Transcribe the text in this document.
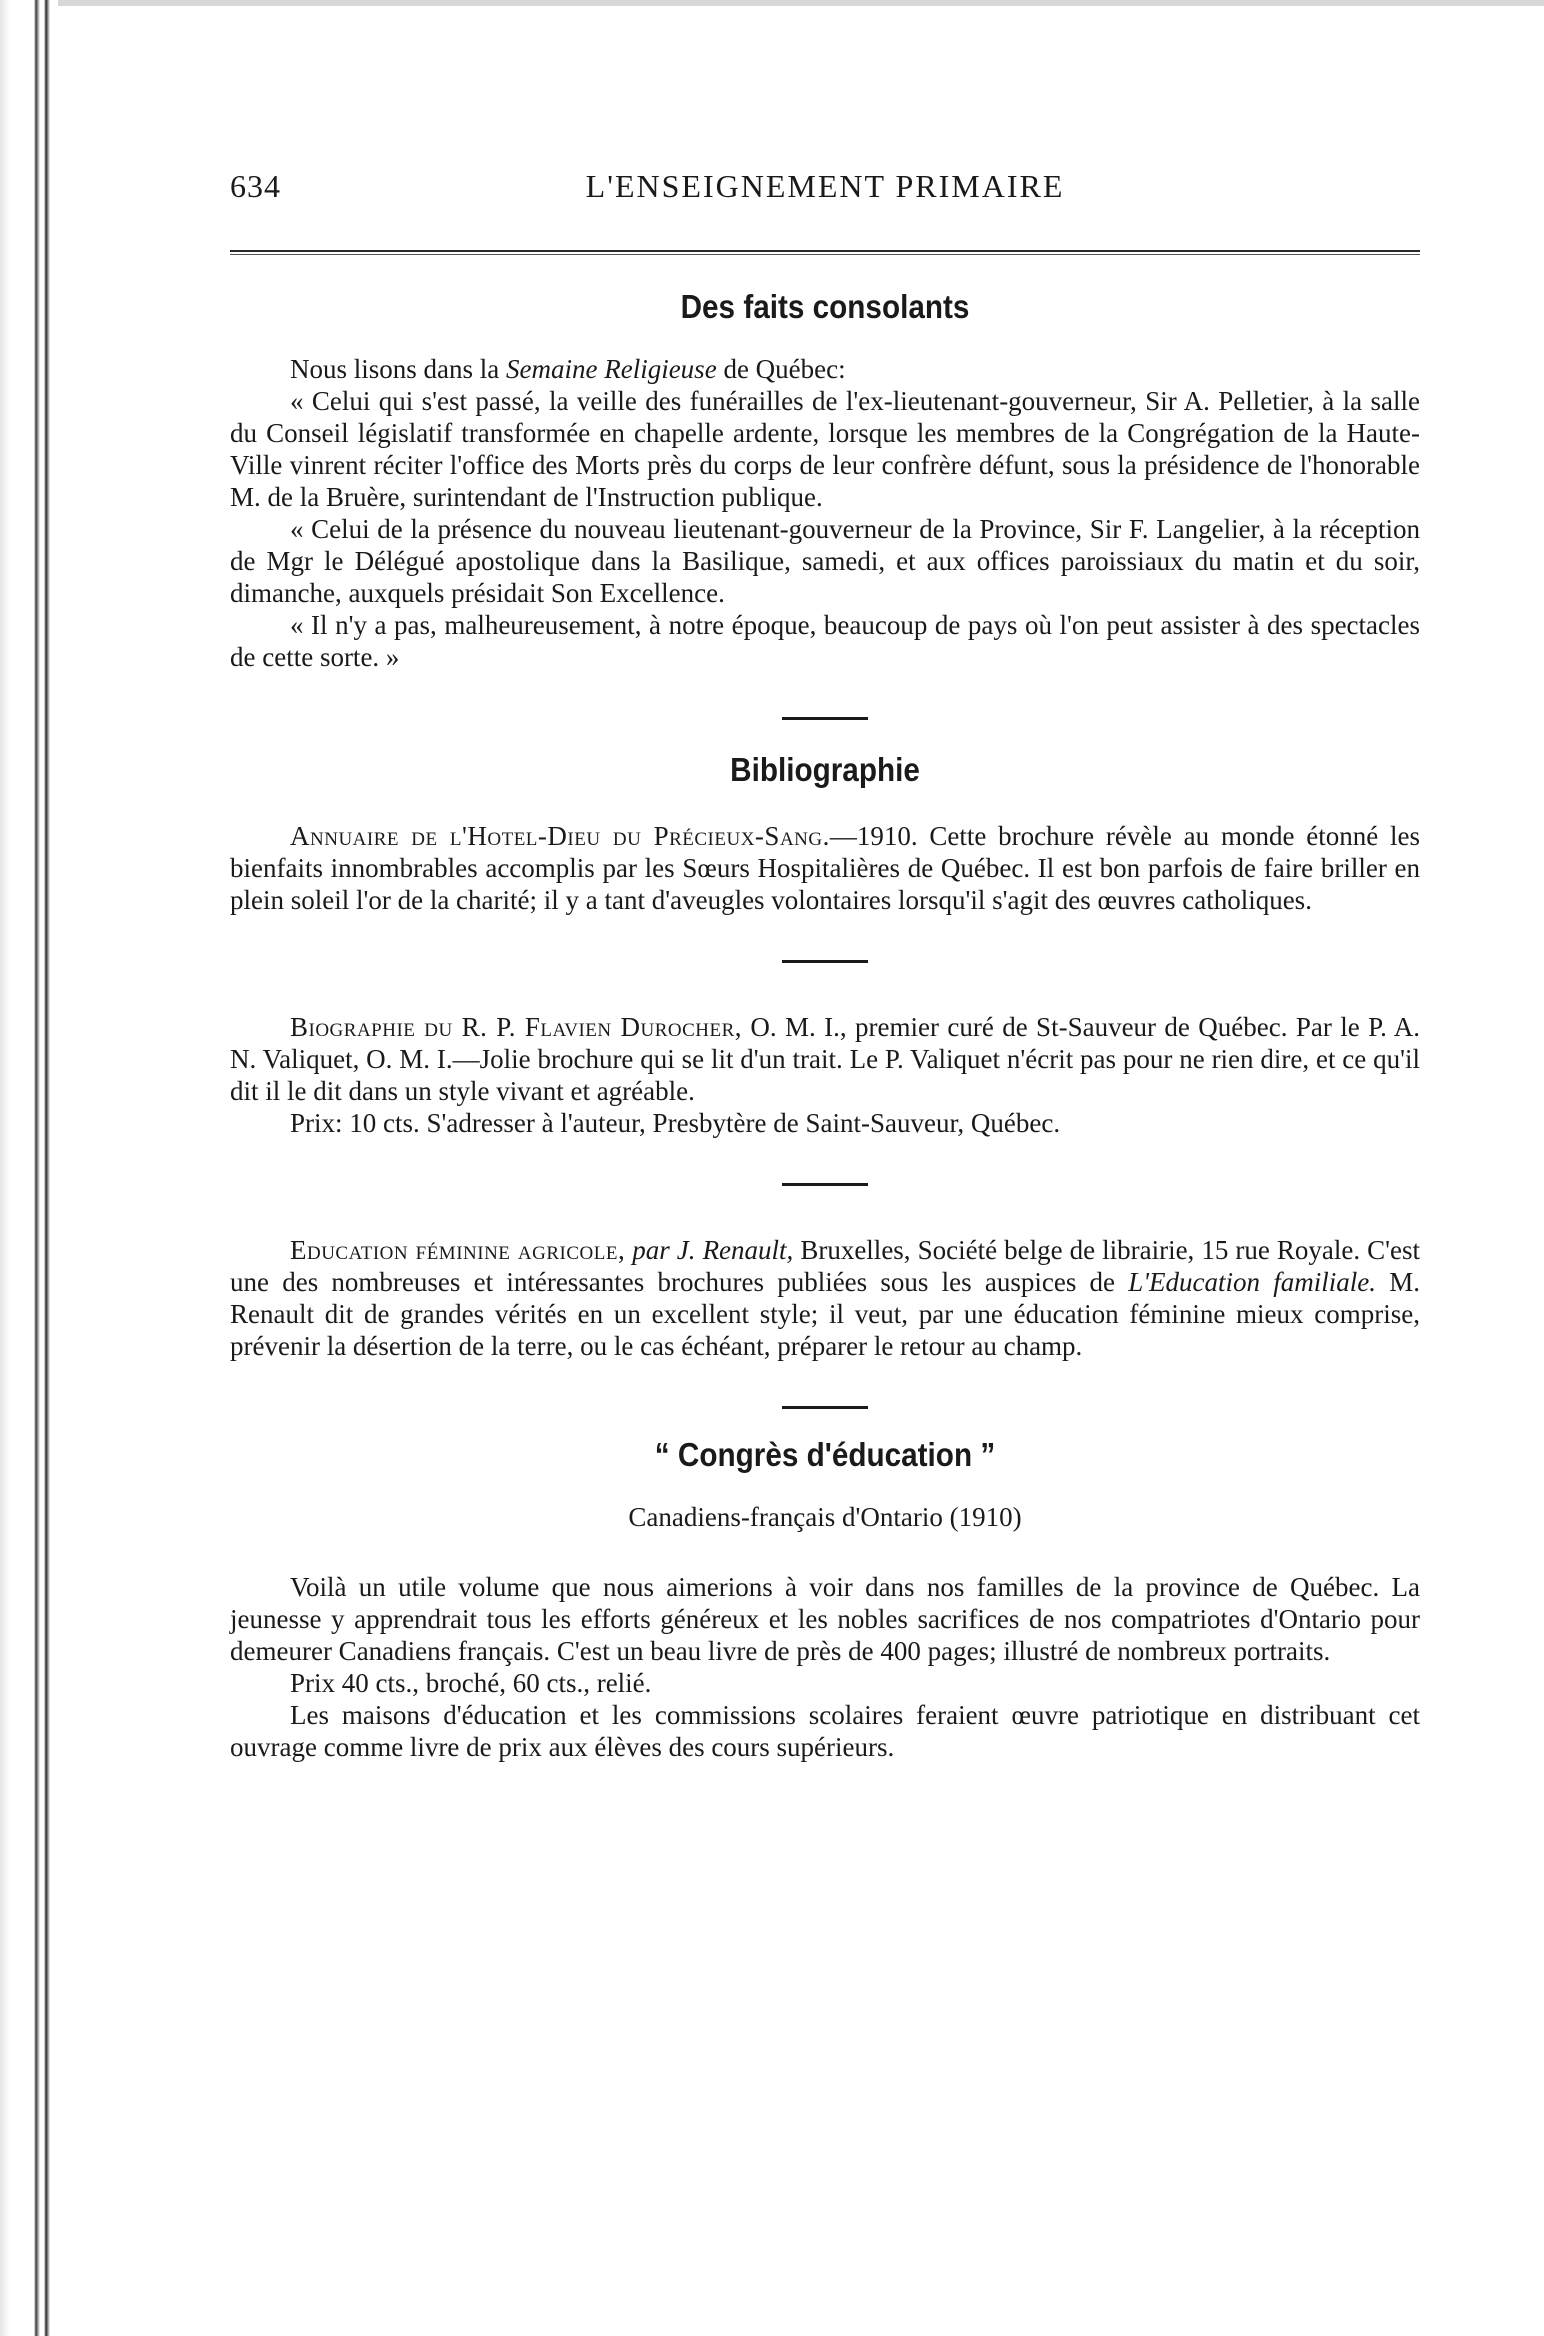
634	L'ENSEIGNEMENT PRIMAIRE
Des faits consolants

Nous lisons dans la Semaine Religieuse de Québec:

« Celui qui s'est passé, la veille des funérailles de l'ex-lieutenant-gouverneur, Sir A. Pelletier, à la salle du Conseil législatif transformée en chapelle ardente, lorsque les membres de la Congrégation de la Haute-Ville vinrent réciter l'office des Morts près du corps de leur confrère défunt, sous la présidence de l'honorable M. de la Bruère, surintendant de l'Instruction publique.

« Celui de la présence du nouveau lieutenant-gouverneur de la Province, Sir F. Langelier, à la réception de Mgr le Délégué apostolique dans la Basilique, samedi, et aux offices paroissiaux du matin et du soir, dimanche, auxquels présidait Son Excellence.

« Il n'y a pas, malheureusement, à notre époque, beaucoup de pays où l'on peut assister à des spectacles de cette sorte. »

Bibliographie

Annuaire de l'Hotel-Dieu du Précieux-Sang.—1910. Cette brochure révèle au monde étonné les bienfaits innombrables accomplis par les Sœurs Hospitalières de Québec. Il est bon parfois de faire briller en plein soleil l'or de la charité; il y a tant d'aveugles volontaires lorsqu'il s'agit des œuvres catholiques.

Biographie du R. P. Flavien Durocher, O. M. I., premier curé de St-Sauveur de Québec. Par le P. A. N. Valiquet, O. M. I.—Jolie brochure qui se lit d'un trait. Le P. Valiquet n'écrit pas pour ne rien dire, et ce qu'il dit il le dit dans un style vivant et agréable.

Prix: 10 cts. S'adresser à l'auteur, Presbytère de Saint-Sauveur, Québec.

Education féminine agricole, par J. Renault, Bruxelles, Société belge de librairie, 15 rue Royale. C'est une des nombreuses et intéressantes brochures publiées sous les auspices de L'Education familiale. M. Renault dit de grandes vérités en un excellent style; il veut, par une éducation féminine mieux comprise, prévenir la désertion de la terre, ou le cas échéant, préparer le retour au champ.

“ Congrès d'éducation ”

Canadiens-français d'Ontario (1910)

Voilà un utile volume que nous aimerions à voir dans nos familles de la province de Québec. La jeunesse y apprendrait tous les efforts généreux et les nobles sacrifices de nos compatriotes d'Ontario pour demeurer Canadiens français. C'est un beau livre de près de 400 pages; illustré de nombreux portraits.

Prix 40 cts., broché, 60 cts., relié.

Les maisons d'éducation et les commissions scolaires feraient œuvre patriotique en distribuant cet ouvrage comme livre de prix aux élèves des cours supérieurs.
